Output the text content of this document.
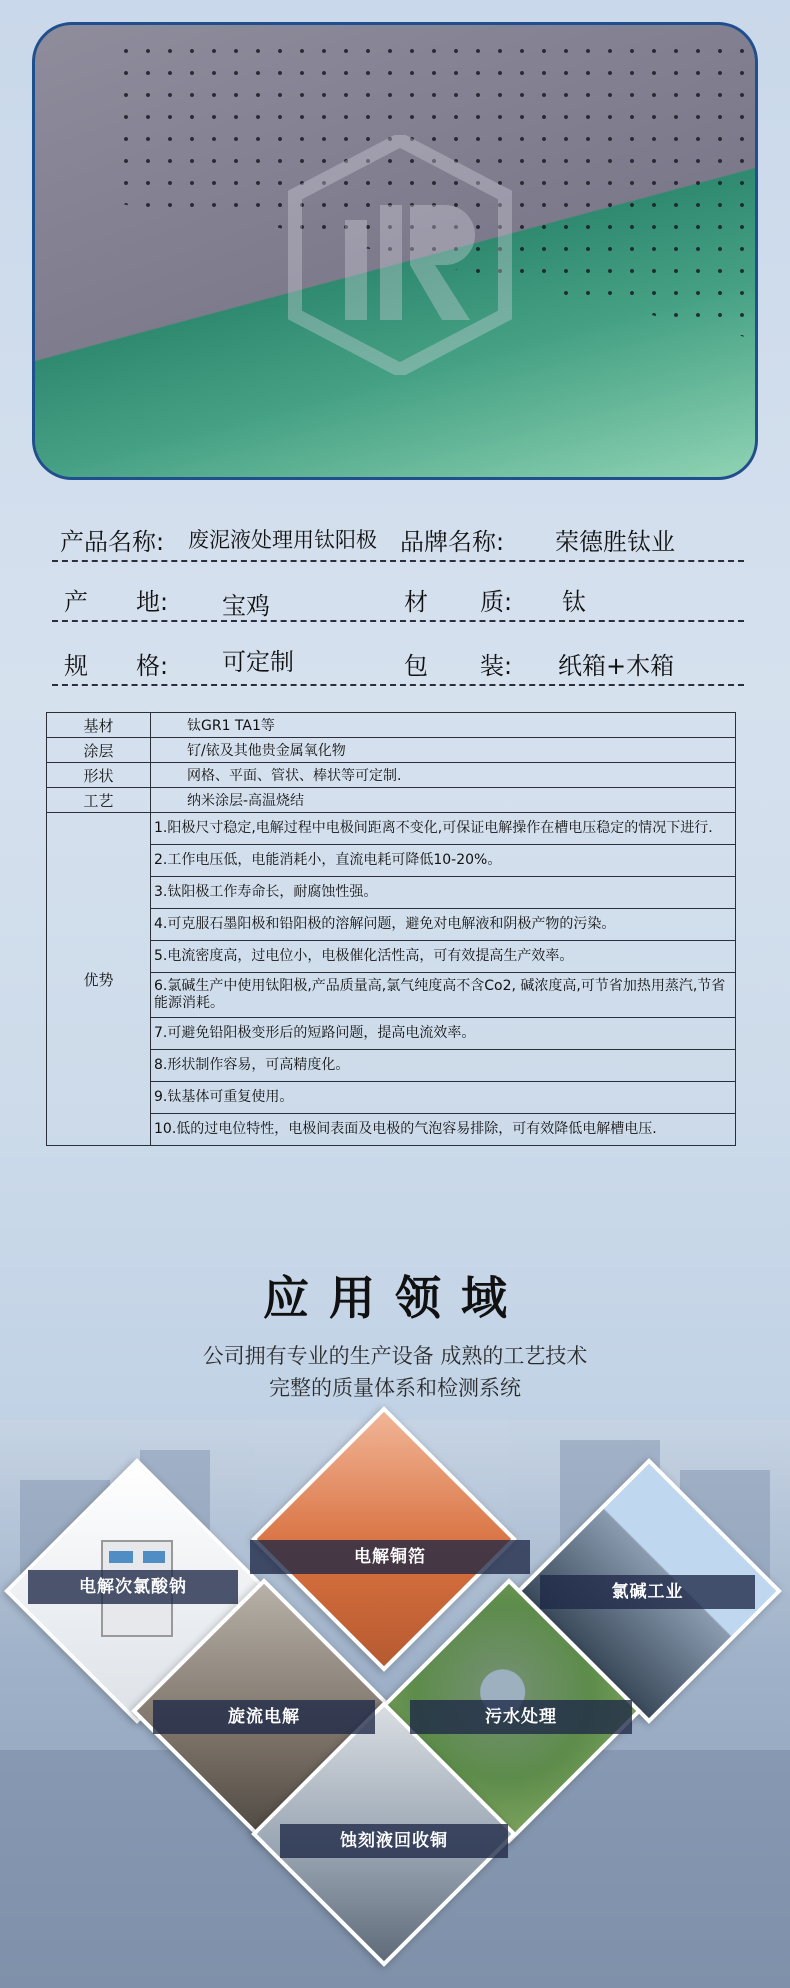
产品名称: 废泥液处理用钛阳极 品牌名称: 荣德胜钛业
产 地: 宝鸡	材 质: 钛
规 格: 可定制	包 装: 纸箱+木箱
基材	钛GR1 TA1等
涂层	钌/铱及其他贵金属氧化物
形状	网格、平面、管状、棒状等可定制.
工艺	纳米涂层-高温烧结
优势	1.阳极尺寸稳定,电解过程中电极间距离不变化,可保证电解操作在槽电压稳定的情况下进行.
	2.工作电压低，电能消耗小，直流电耗可降低10-20%。
	3.钛阳极工作寿命长，耐腐蚀性强。
	4.可克服石墨阳极和铅阳极的溶解问题，避免对电解液和阴极产物的污染。
	5.电流密度高，过电位小，电极催化活性高，可有效提高生产效率。
	6.氯碱生产中使用钛阳极,产品质量高,氯气纯度高不含Co2, 碱浓度高,可节省加热用蒸汽,节省能源消耗。
	7.可避免铅阳极变形后的短路问题，提高电流效率。
	8.形状制作容易，可高精度化。
	9.钛基体可重复使用。
	10.低的过电位特性，电极间表面及电极的气泡容易排除，可有效降低电解槽电压.
应用领域
公司拥有专业的生产设备 成熟的工艺技术
完整的质量体系和检测系统
电解次氯酸钠
电解铜箔
氯碱工业
旋流电解	污水处理
蚀刻液回收铜
